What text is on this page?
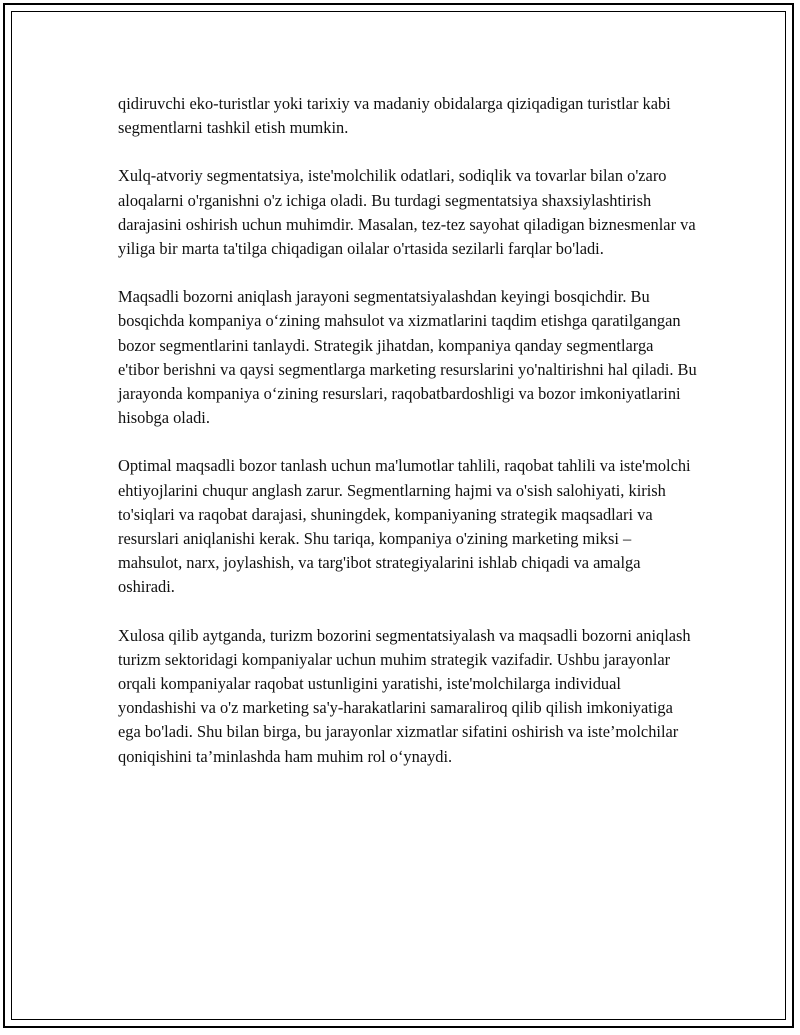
qidiruvchi eko-turistlar yoki tarixiy va madaniy obidalarga qiziqadigan turistlar kabi segmentlarni tashkil etish mumkin.

Xulq-atvoriy segmentatsiya, iste'molchilik odatlari, sodiqlik va tovarlar bilan o'zaro aloqalarni o'rganishni o'z ichiga oladi. Bu turdagi segmentatsiya shaxsiylashtirish darajasini oshirish uchun muhimdir. Masalan, tez-tez sayohat qiladigan biznesmenlar va yiliga bir marta ta'tilga chiqadigan oilalar o'rtasida sezilarli farqlar bo'ladi.

Maqsadli bozorni aniqlash jarayoni segmentatsiyalashdan keyingi bosqichdir. Bu bosqichda kompaniya o‘zining mahsulot va xizmatlarini taqdim etishga qaratilgangan bozor segmentlarini tanlaydi. Strategik jihatdan, kompaniya qanday segmentlarga e'tibor berishni va qaysi segmentlarga marketing resurslarini yo'naltirishni hal qiladi. Bu jarayonda kompaniya o‘zining resurslari, raqobatbardoshligi va bozor imkoniyatlarini hisobga oladi.

Optimal maqsadli bozor tanlash uchun ma'lumotlar tahlili, raqobat tahlili va iste'molchi ehtiyojlarini chuqur anglash zarur. Segmentlarning hajmi va o'sish salohiyati, kirish to'siqlari va raqobat darajasi, shuningdek, kompaniyaning strategik maqsadlari va resurslari aniqlanishi kerak. Shu tariqa, kompaniya o'zining marketing miksi – mahsulot, narx, joylashish, va targ'ibot strategiyalarini ishlab chiqadi va amalga oshiradi.

Xulosa qilib aytganda, turizm bozorini segmentatsiyalash va maqsadli bozorni aniqlash turizm sektoridagi kompaniyalar uchun muhim strategik vazifadir. Ushbu jarayonlar orqali kompaniyalar raqobat ustunligini yaratishi, iste'molchilarga individual yondashishi va o'z marketing sa'y-harakatlarini samaraliroq qilib qilish imkoniyatiga ega bo'ladi. Shu bilan birga, bu jarayonlar xizmatlar sifatini oshirish va iste’molchilar qoniqishini ta’minlashda ham muhim rol o‘ynaydi.
